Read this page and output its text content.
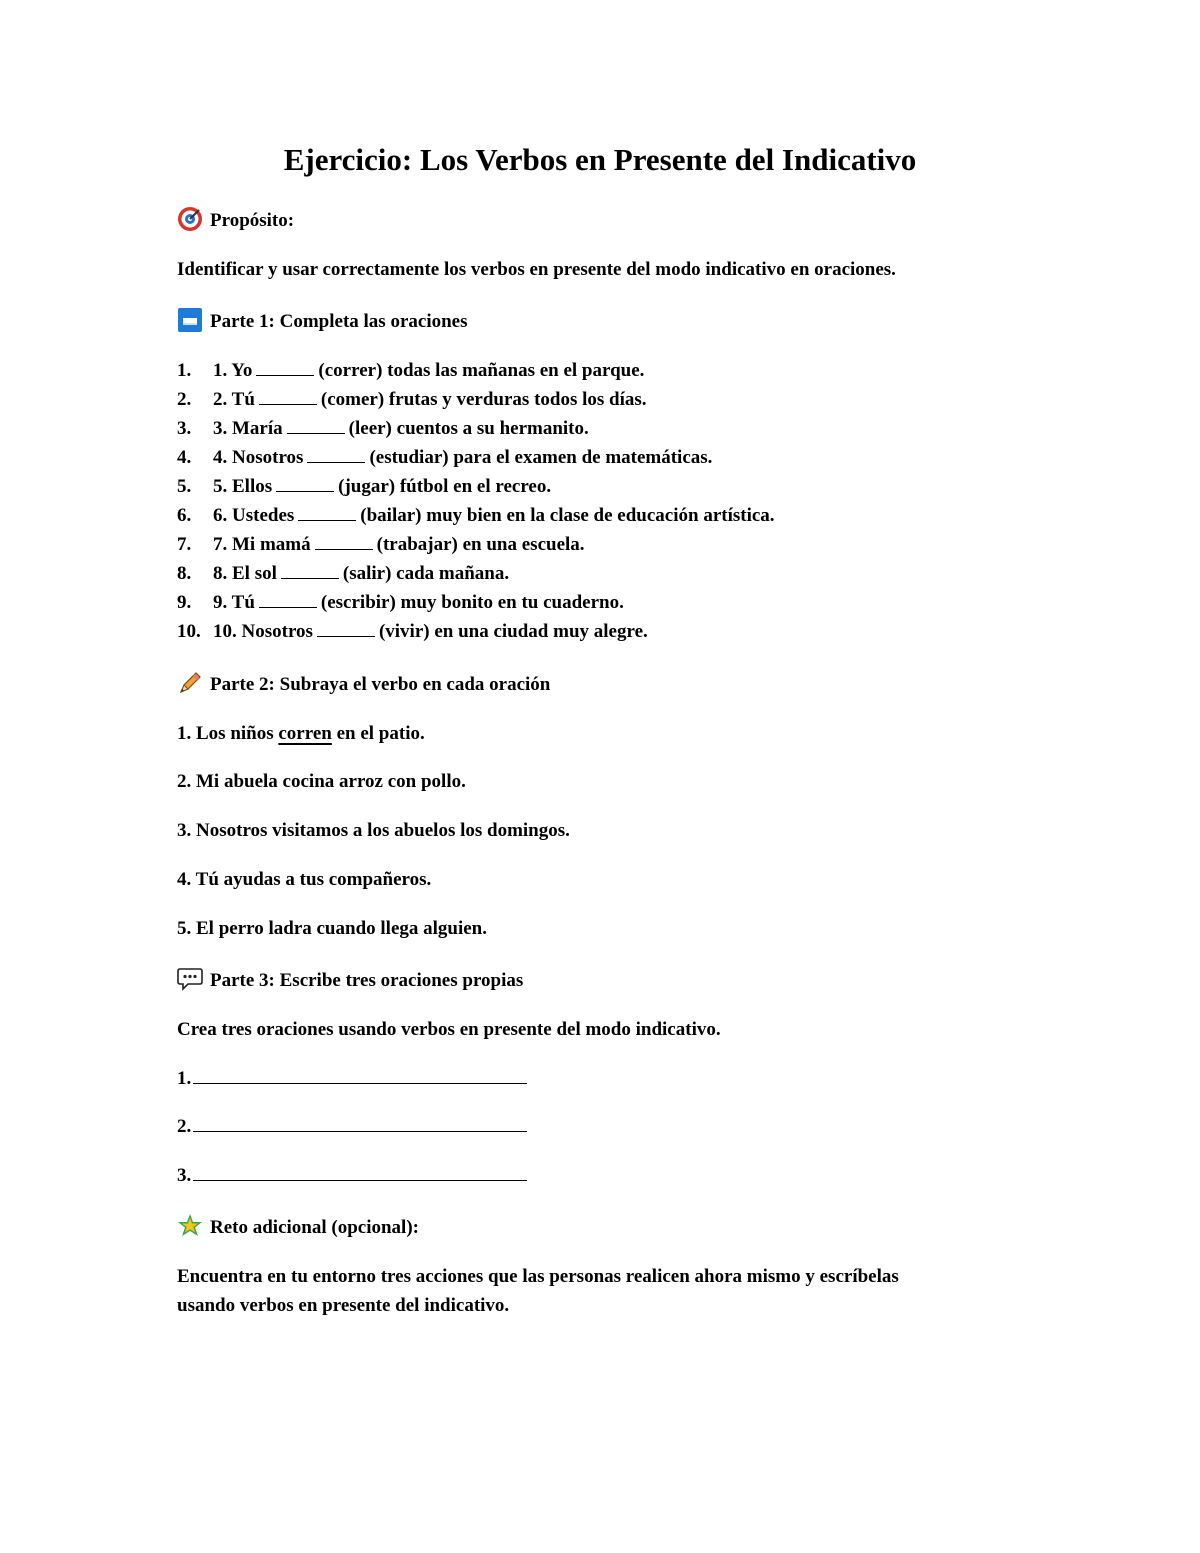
Ejercicio: Los Verbos en Presente del Indicativo
Propósito:
Identificar y usar correctamente los verbos en presente del modo indicativo en oraciones.
Parte 1: Completa las oraciones
1. 1. Yo	(correr) todas las mañanas en el parque.
2. 2. Tú	(comer) frutas y verduras todos los días.
3. 3. María	(leer) cuentos a su hermanito.
4. 4. Nosotros	(estudiar) para el examen de matemáticas.
5. 5. Ellos	(jugar) fútbol en el recreo.
6. 6. Ustedes	(bailar) muy bien en la clase de educación artística.
7. 7. Mi mamá	(trabajar) en una escuela.
8. 8. El sol	(salir) cada mañana.
9. 9. Tú	(escribir) muy bonito en tu cuaderno.
10. 10. Nosotros	(vivir) en una ciudad muy alegre.
Parte 2: Subraya el verbo en cada oración
1. Los niños corren en el patio.
2. Mi abuela cocina arroz con pollo.
3. Nosotros visitamos a los abuelos los domingos.
4. Tú ayudas a tus compañeros.
5. El perro ladra cuando llega alguien.
Parte 3: Escribe tres oraciones propias
Crea tres oraciones usando verbos en presente del modo indicativo.
1.
2.
3.
Reto adicional (opcional):
Encuentra en tu entorno tres acciones que las personas realicen ahora mismo y escríbelas
usando verbos en presente del indicativo.
